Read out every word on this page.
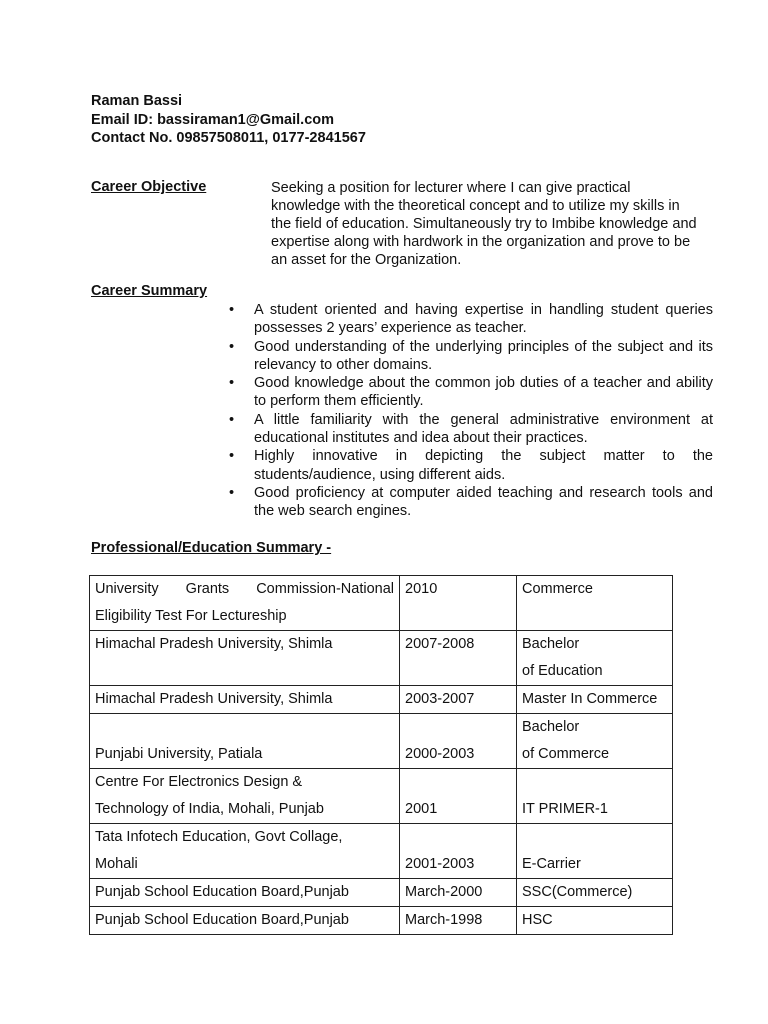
Raman Bassi
Email ID: bassiraman1@Gmail.com
Contact No. 09857508011, 0177-2841567
Career Objective	Seeking a position for lecturer where I can give practical knowledge with the theoretical concept and to utilize my skills in the field of education. Simultaneously try to Imbibe knowledge and expertise along with hardwork in the organization and prove to be an asset for the Organization.

Career Summary
• A student oriented and having expertise in handling student queries possesses 2 years’ experience as teacher.
• Good understanding of the underlying principles of the subject and its relevancy to other domains.
• Good knowledge about the common job duties of a teacher and ability to perform them efficiently.
• A little familiarity with the general administrative environment at educational institutes and idea about their practices.
• Highly innovative in depicting the subject matter to the students/audience, using different aids.
• Good proficiency at computer aided teaching and research tools and the web search engines.
Professional/Education Summary -
University Grants Commission-National
Eligibility Test For Lectureship	2010	Commerce

Himachal Pradesh University, Shimla	2007-2008	Bachelor
of Education

Himachal Pradesh University, Shimla	2003-2007	Master In Commerce
Punjabi University, Patiala	2000-2003	Bachelor
of Commerce

Centre For Electronics Design &
Technology of India, Mohali, Punjab	2001	IT PRIMER-1

Tata Infotech Education, Govt Collage,
Mohali	2001-2003	E-Carrier
Punjab School Education Board,Punjab	March-2000	SSC(Commerce)
Punjab School Education Board,Punjab	March-1998	HSC
